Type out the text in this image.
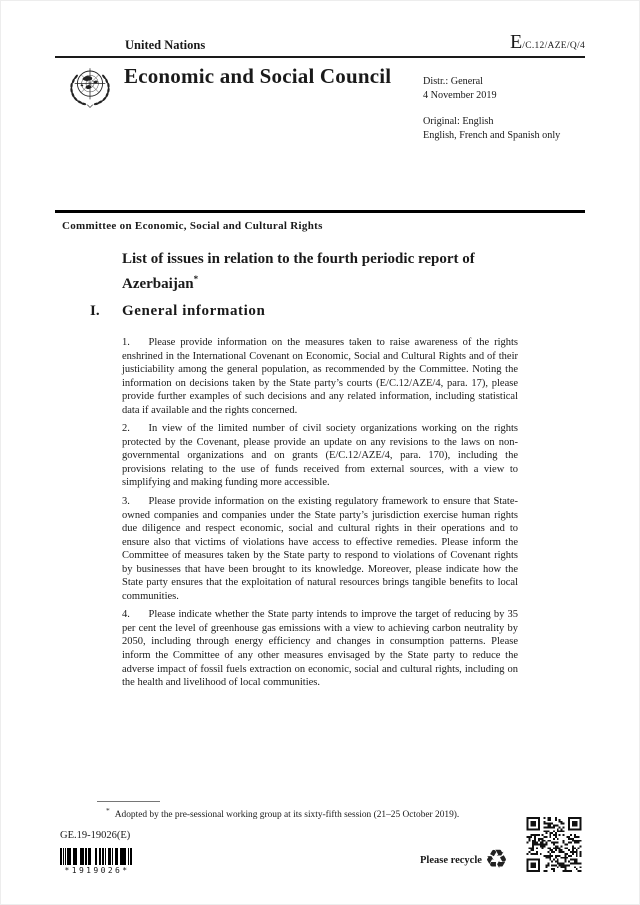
United Nations	E/C.12/AZE/Q/4
Economic and Social Council	Distr.: General
4 November 2019
Original: English
English, French and Spanish only
Committee on Economic, Social and Cultural Rights
List of issues in relation to the fourth periodic report of Azerbaijan*
I. General information

1. Please provide information on the measures taken to raise awareness of the rights enshrined in the International Covenant on Economic, Social and Cultural Rights and of their justiciability among the general population, as recommended by the Committee. Noting the information on decisions taken by the State party’s courts (E/C.12/AZE/4, para. 17), please provide further examples of such decisions and any related information, including statistical data if available and the rights concerned.

2. In view of the limited number of civil society organizations working on the rights protected by the Covenant, please provide an update on any revisions to the laws on non-governmental organizations and on grants (E/C.12/AZE/4, para. 170), including the provisions relating to the use of funds received from external sources, with a view to simplifying and making funding more accessible.

3. Please provide information on the existing regulatory framework to ensure that State-owned companies and companies under the State party’s jurisdiction exercise human rights due diligence and respect economic, social and cultural rights in their operations and to ensure also that victims of violations have access to effective remedies. Please inform the Committee of measures taken by the State party to respond to violations of Covenant rights by businesses that have been brought to its knowledge. Moreover, please indicate how the State party ensures that the exploitation of natural resources brings tangible benefits to local communities.

4. Please indicate whether the State party intends to improve the target of reducing by 35 per cent the level of greenhouse gas emissions with a view to achieving carbon neutrality by 2050, including through energy efficiency and changes in consumption patterns. Please inform the Committee of any other measures envisaged by the State party to reduce the adverse impact of fossil fuels extraction on economic, social and cultural rights, including on the health and livelihood of local communities.

* Adopted by the pre-sessional working group at its sixty-fifth session (21–25 October 2019).
GE.19-19026(E)
*1919026*
Please recycle ♻
